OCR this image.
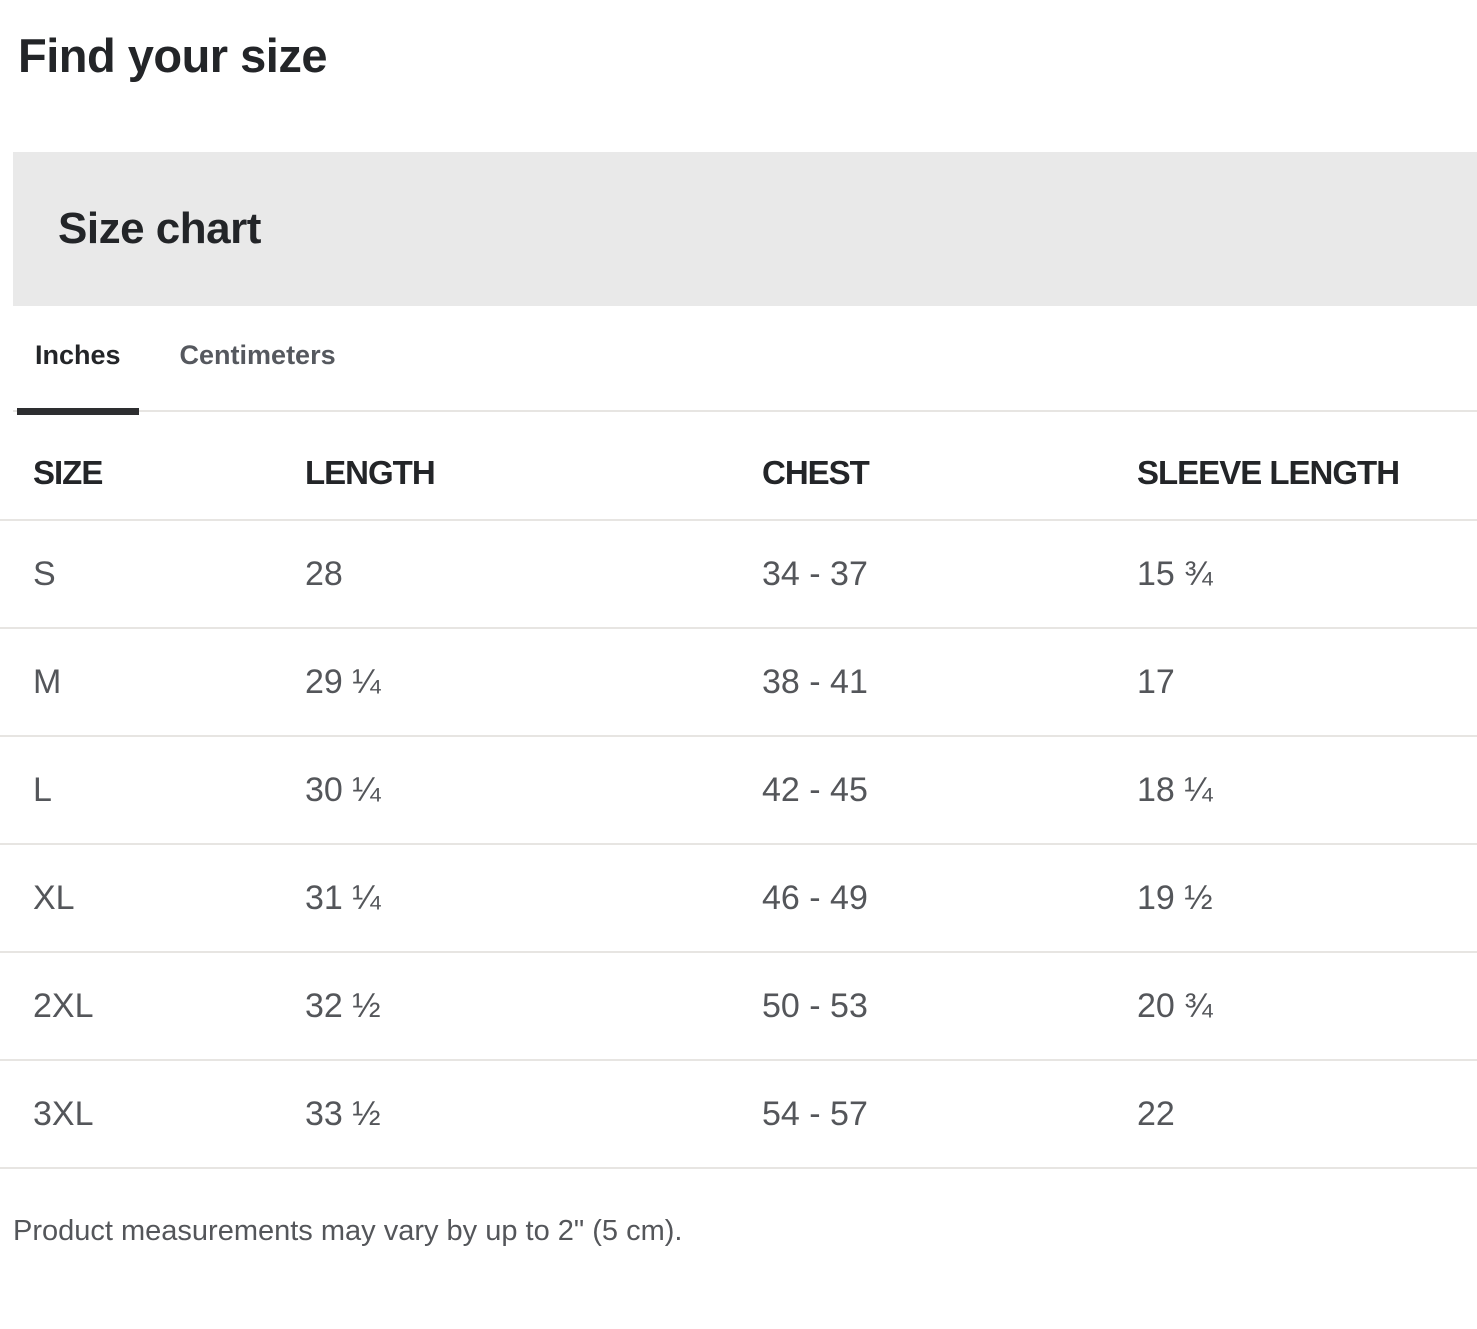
Find your size
Size chart
Inches	Centimeters
SIZE	LENGTH	CHEST	SLEEVE LENGTH
S	28	34 - 37	15 ¾
M	29 ¼	38 - 41	17
L	30 ¼	42 - 45	18 ¼
XL	31 ¼	46 - 49	19 ½
2XL	32 ½	50 - 53	20 ¾
3XL	33 ½	54 - 57	22

Product measurements may vary by up to 2" (5 cm).
